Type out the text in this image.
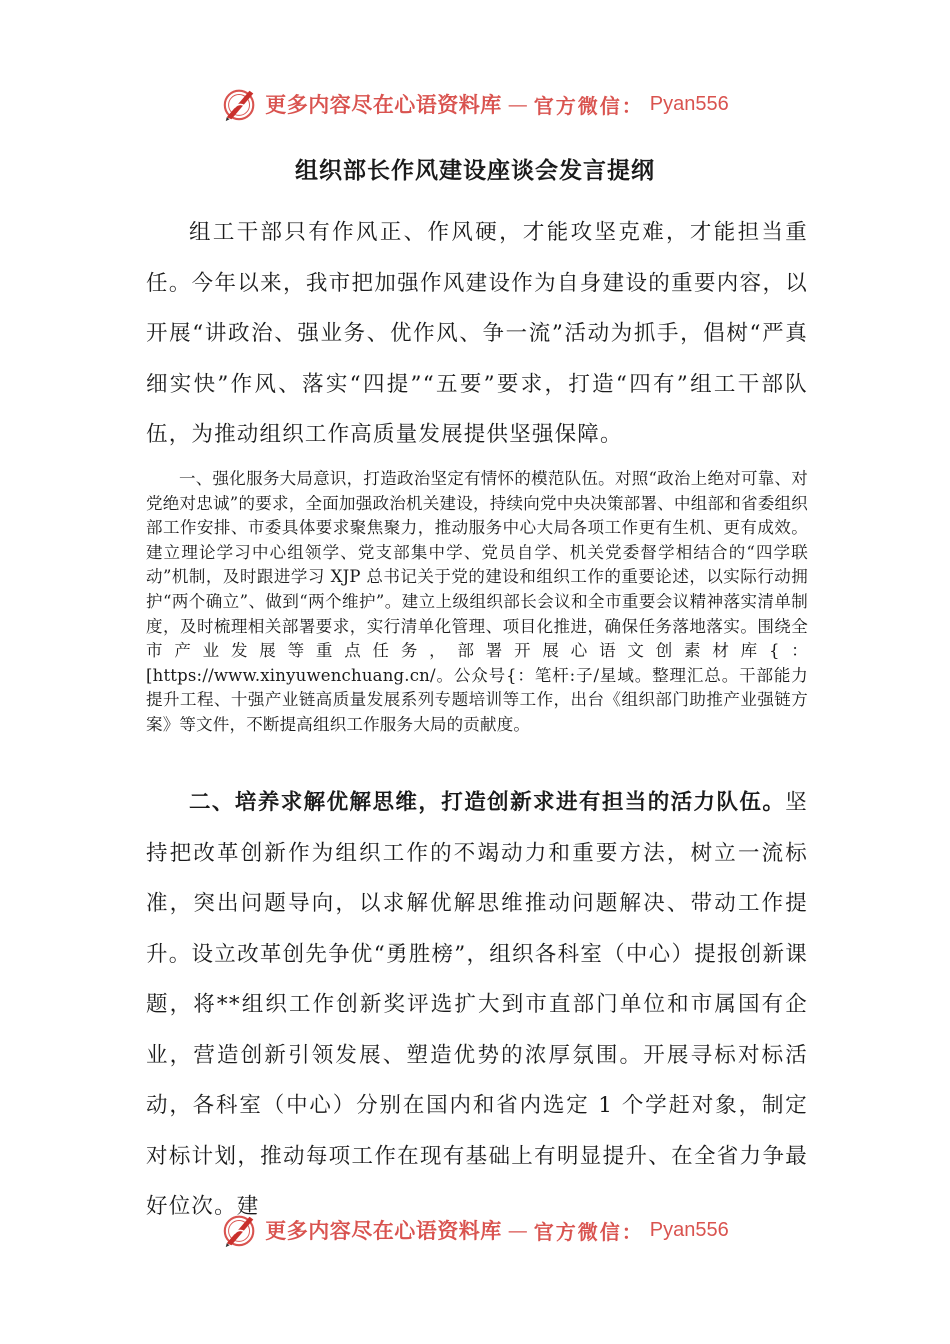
更多内容尽在心语资料库 — 官方微信： Pyan556
组织部长作风建设座谈会发言提纲

组工干部只有作风正、作风硬，才能攻坚克难，才能担当重任。今年以来，我市把加强作风建设作为自身建设的重要内容，以开展“讲政治、强业务、优作风、争一流”活动为抓手，倡树“严真细实快”作风、落实“四提”“五要”要求，打造“四有”组工干部队伍，为推动组织工作高质量发展提供坚强保障。

一、强化服务大局意识，打造政治坚定有情怀的模范队伍。对照“政治上绝对可靠、对党绝对忠诚”的要求，全面加强政治机关建设，持续向党中央决策部署、中组部和省委组织部工作安排、市委具体要求聚焦聚力，推动服务中心大局各项工作更有生机、更有成效。建立理论学习中心组领学、党支部集中学、党员自学、机关党委督学相结合的“四学联动”机制，及时跟进学习 XJP 总书记关于党的建设和组织工作的重要论述，以实际行动拥护“两个确立”、做到“两个维护”。建立上级组织部长会议和全市重要会议精神落实清单制度，及时梳理相关部署要求，实行清单化管理、项目化推进，确保任务落地落实。围绕全市产业发展等重点任务，部署开展心语文创素材库{：[https://www.xinyuwenchuang.cn/。公众号{：笔杆:子/星域。整理汇总。干部能力提升工程、十强产业链高质量发展系列专题培训等工作，出台《组织部门助推产业强链方案》等文件，不断提高组织工作服务大局的贡献度。

二、培养求解优解思维，打造创新求进有担当的活力队伍。坚持把改革创新作为组织工作的不竭动力和重要方法，树立一流标准，突出问题导向，以求解优解思维推动问题解决、带动工作提升。设立改革创先争优“勇胜榜”，组织各科室（中心）提报创新课题，将**组织工作创新奖评选扩大到市直部门单位和市属国有企业，营造创新引领发展、塑造优势的浓厚氛围。开展寻标对标活动，各科室（中心）分别在国内和省内选定 1 个学赶对象，制定对标计划，推动每项工作在现有基础上有明显提升、在全省力争最好位次。建

更多内容尽在心语资料库 — 官方微信： Pyan556
